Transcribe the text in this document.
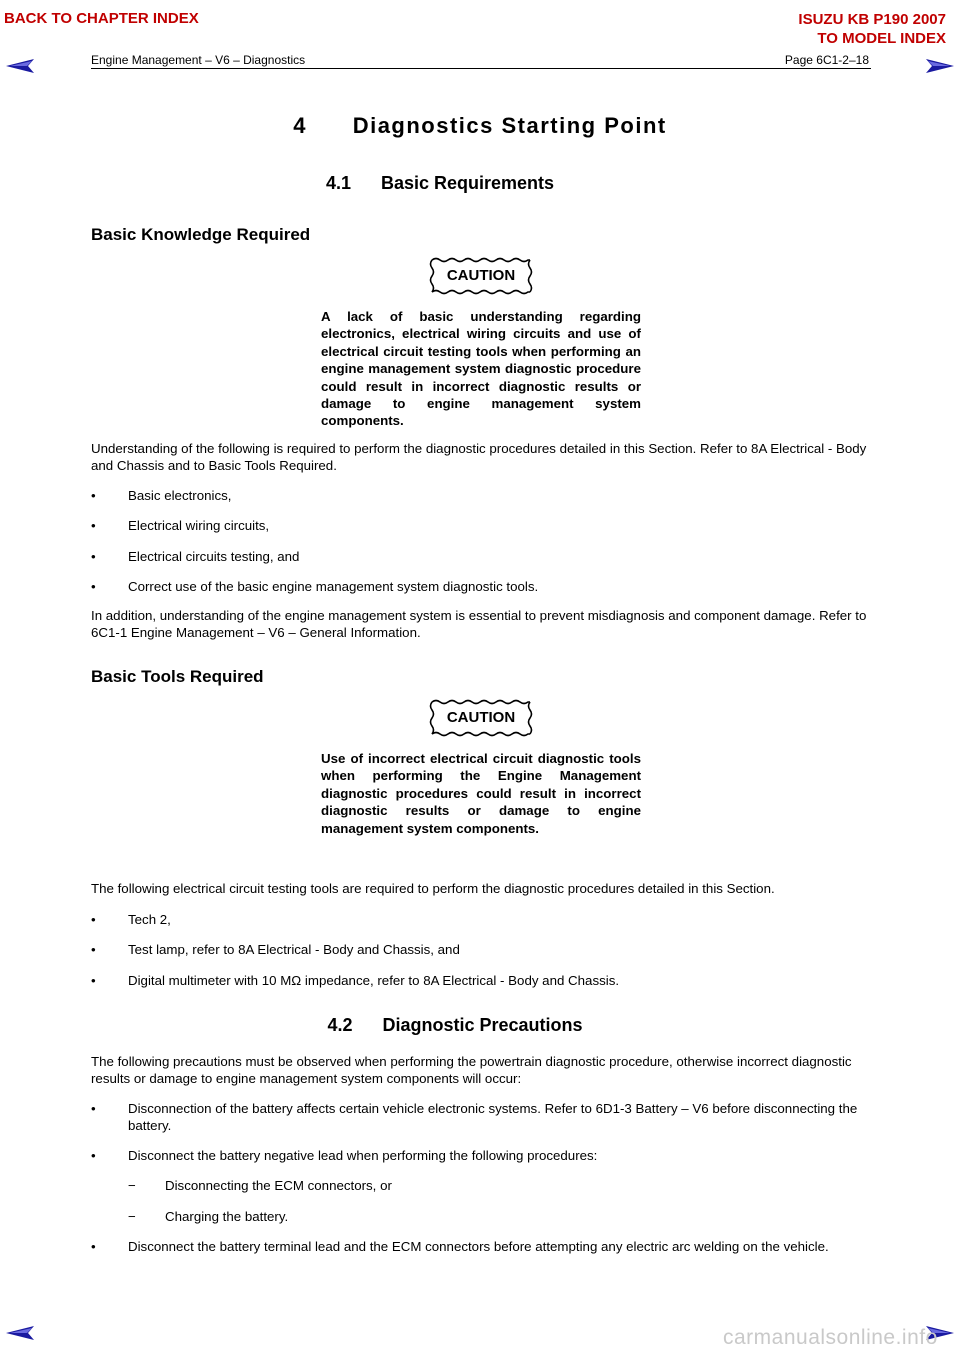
BACK TO CHAPTER INDEX	ISUZU KB P190 2007
TO MODEL INDEX
Engine Management – V6 – Diagnostics	Page 6C1-2–18
4      Diagnostics Starting Point
4.1      Basic Requirements
Basic Knowledge Required
CAUTION
A lack of basic understanding regarding electronics, electrical wiring circuits and use of electrical circuit testing tools when performing an engine management system diagnostic procedure could result in incorrect diagnostic results or damage to engine management system components.
Understanding of the following is required to perform the diagnostic procedures detailed in this Section. Refer to 8A Electrical - Body and Chassis and to Basic Tools Required.
• Basic electronics,
• Electrical wiring circuits,
• Electrical circuits testing, and
• Correct use of the basic engine management system diagnostic tools.
In addition, understanding of the engine management system is essential to prevent misdiagnosis and component damage. Refer to 6C1-1 Engine Management – V6 – General Information.
Basic Tools Required
CAUTION
Use of incorrect electrical circuit diagnostic tools when performing the Engine Management diagnostic procedures could result in incorrect diagnostic results or damage to engine management system components.
The following electrical circuit testing tools are required to perform the diagnostic procedures detailed in this Section.
• Tech 2,
• Test lamp, refer to 8A Electrical - Body and Chassis, and
• Digital multimeter with 10 MΩ impedance, refer to 8A Electrical - Body and Chassis.
4.2      Diagnostic Precautions
The following precautions must be observed when performing the powertrain diagnostic procedure, otherwise incorrect diagnostic results or damage to engine management system components will occur:
• Disconnection of the battery affects certain vehicle electronic systems. Refer to 6D1-3 Battery – V6 before disconnecting the battery.
• Disconnect the battery negative lead when performing the following procedures:
− Disconnecting the ECM connectors, or
− Charging the battery.
• Disconnect the battery terminal lead and the ECM connectors before attempting any electric arc welding on the vehicle.
carmanualsonline.info
